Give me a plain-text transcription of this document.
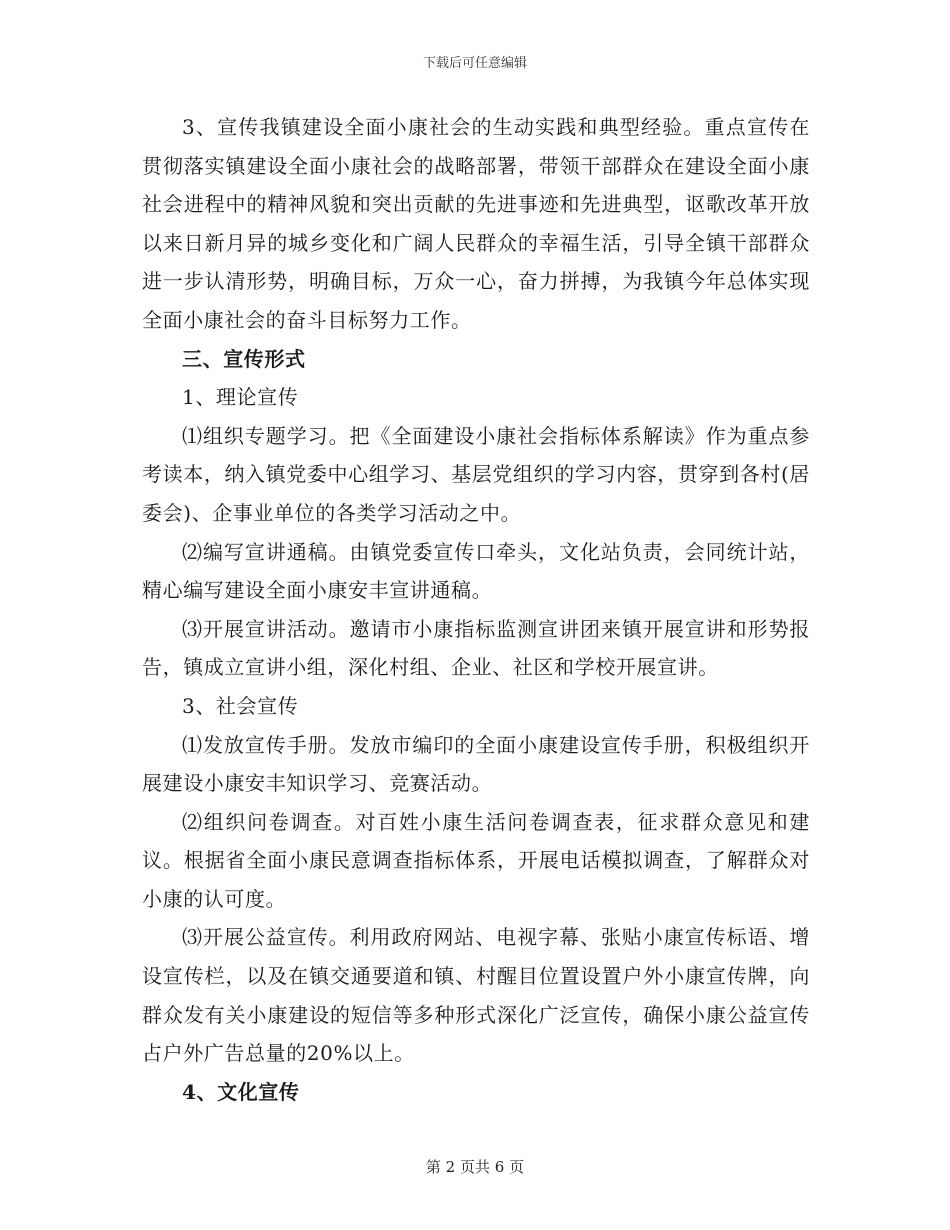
下载后可任意编辑

3、宣传我镇建设全面小康社会的生动实践和典型经验。重点宣传在贯彻落实镇建设全面小康社会的战略部署，带领干部群众在建设全面小康社会进程中的精神风貌和突出贡献的先进事迹和先进典型，讴歌改革开放以来日新月异的城乡变化和广阔人民群众的幸福生活，引导全镇干部群众进一步认清形势，明确目标，万众一心，奋力拼搏，为我镇今年总体实现全面小康社会的奋斗目标努力工作。

三、宣传形式

1、理论宣传

⑴组织专题学习。把《全面建设小康社会指标体系解读》作为重点参考读本，纳入镇党委中心组学习、基层党组织的学习内容，贯穿到各村(居委会)、企事业单位的各类学习活动之中。

⑵编写宣讲通稿。由镇党委宣传口牵头，文化站负责，会同统计站，精心编写建设全面小康安丰宣讲通稿。

⑶开展宣讲活动。邀请市小康指标监测宣讲团来镇开展宣讲和形势报告，镇成立宣讲小组，深化村组、企业、社区和学校开展宣讲。

3、社会宣传

⑴发放宣传手册。发放市编印的全面小康建设宣传手册，积极组织开展建设小康安丰知识学习、竞赛活动。

⑵组织问卷调查。对百姓小康生活问卷调查表，征求群众意见和建议。根据省全面小康民意调查指标体系，开展电话模拟调查，了解群众对小康的认可度。

⑶开展公益宣传。利用政府网站、电视字幕、张贴小康宣传标语、增设宣传栏，以及在镇交通要道和镇、村醒目位置设置户外小康宣传牌，向群众发有关小康建设的短信等多种形式深化广泛宣传，确保小康公益宣传占户外广告总量的20%以上。

4、文化宣传

第 2 页共 6 页
